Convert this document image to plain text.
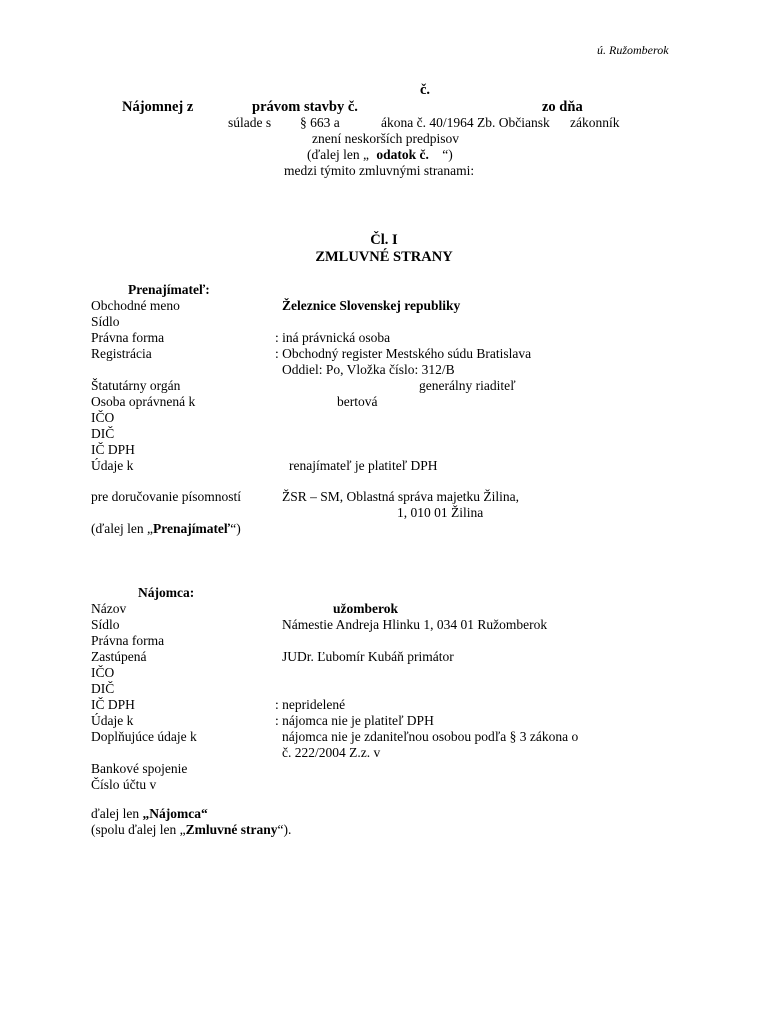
ú. Ružomberok
č.
Nájomnej z	právom stavby č.	zo dňa
súlade s § 663 a	ákona č. 40/1964 Zb. Občiansk zákonník
znení neskorších predpisov
(ďalej len „ odatok č. “)
medzi týmito zmluvnými stranami:
Čl. I
ZMLUVNÉ STRANY
Prenajímateľ:
Obchodné meno	Železnice Slovenskej republiky
Sídlo
Právna forma	: iná právnická osoba
Registrácia	: Obchodný register Mestského súdu Bratislava
Oddiel: Po, Vložka číslo: 312/B
Štatutárny orgán	generálny riaditeľ
Osoba oprávnená k	bertová
IČO
DIČ
IČ DPH
Údaje k	renajímateľ je platiteľ DPH
pre doručovanie písomností	ŽSR – SM, Oblastná správa majetku Žilina,
1, 010 01 Žilina
(ďalej len „Prenajímateľ“)
Nájomca:
Názov	užomberok
Sídlo	Námestie Andreja Hlinku 1, 034 01 Ružomberok
Právna forma
Zastúpená	JUDr. Ľubomír Kubáň primátor
IČO
DIČ
IČ DPH	: nepridelené
Údaje k	: nájomca nie je platiteľ DPH
Doplňujúce údaje k	nájomca nie je zdaniteľnou osobou podľa § 3 zákona o
č. 222/2004 Z.z. v
Bankové spojenie
Číslo účtu v
ďalej len „Nájomca“
(spolu ďalej len „Zmluvné strany“).
